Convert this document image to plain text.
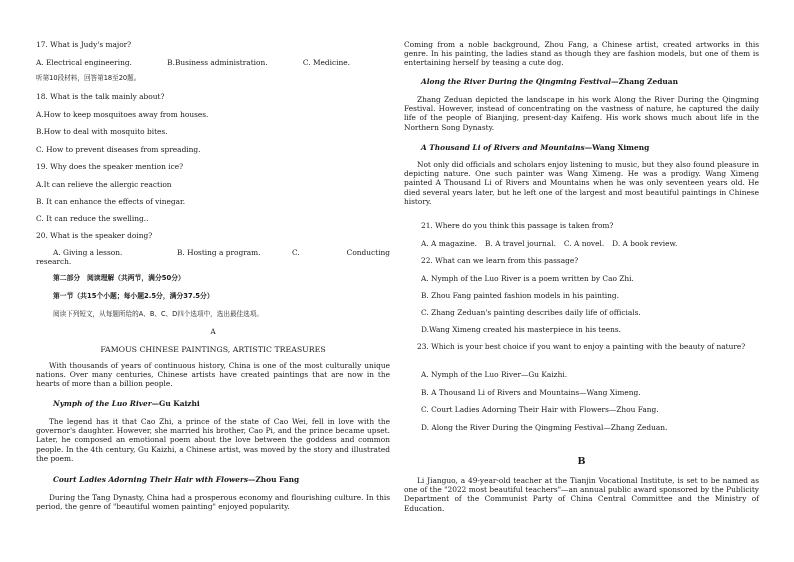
17. What is Judy's major?
A. Electrical engineering.	B.Business administration.	C. Medicine.
听第10段材料，回答第18至20题。
18. What is the talk mainly about?
A.How to keep mosquitoes away from houses.
B.How to deal with mosquito bites.
C. How to prevent diseases from spreading.
19. Why does the speaker mention ice?
A.It can relieve the allergic reaction
B. It can enhance the effects of vinegar.
C. It can reduce the swelling..
20. What is the speaker doing?
A. Giving a lesson.	B. Hosting a program.	C.	Conducting
research.
第二部分　阅读理解（共两节，满分50分）
第一节（共15个小题；每小题2.5分，满分37.5分）
阅读下列短文，从每题所给的A、B、C、D四个选项中，选出最佳选项。
A
FAMOUS CHINESE PAINTINGS, ARTISTIC TREASURES
With thousands of years of continuous history, China is one of the most culturally unique nations. Over many centuries, Chinese artists have created paintings that are now in the hearts of more than a billion people.
Nymph of the Luo River—Gu Kaizhi
The legend has it that Cao Zhi, a prince of the state of Cao Wei, fell in love with the governor's daughter. However, she married his brother, Cao Pi, and the prince became upset. Later, he composed an emotional poem about the love between the goddess and common people. In the 4th century, Gu Kaizhi, a Chinese artist, was moved by the story and illustrated the poem.
Court Ladies Adorning Their Hair with Flowers—Zhou Fang
During the Tang Dynasty, China had a prosperous economy and flourishing culture. In this period, the genre of "beautiful women painting" enjoyed popularity.
Coming from a noble background, Zhou Fang, a Chinese artist, created artworks in this genre. In his painting, the ladies stand as though they are fashion models, but one of them is entertaining herself by teasing a cute dog.
Along the River During the Qingming Festival—Zhang Zeduan
Zhang Zeduan depicted the landscape in his work Along the River During the Qingming Festival. However, instead of concentrating on the vastness of nature, he captured the daily life of the people of Bianjing, present-day Kaifeng. His work shows much about life in the Northern Song Dynasty.
A Thousand Li of Rivers and Mountains—Wang Ximeng
Not only did officials and scholars enjoy listening to music, but they also found pleasure in depicting nature. One such painter was Wang Ximeng. He was a prodigy. Wang Ximeng painted A Thousand Li of Rivers and Mountains when he was only seventeen years old. He died several years later, but he left one of the largest and most beautiful paintings in Chinese history.
21. Where do you think this passage is taken from?
A. A magazine. B. A travel journal. C. A novel. D. A book review.
22. What can we learn from this passage?
A. Nymph of the Luo River is a poem written by Cao Zhi.
B. Zhou Fang painted fashion models in his painting.
C. Zhang Zeduan's painting describes daily life of officials.
D.Wang Ximeng created his masterpiece in his teens.
23. Which is your best choice if you want to enjoy a painting with the beauty of nature?
A. Nymph of the Luo River—Gu Kaizhi.
B. A Thousand Li of Rivers and Mountains—Wang Ximeng.
C. Court Ladies Adorning Their Hair with Flowers—Zhou Fang.
D. Along the River During the Qingming Festival—Zhang Zeduan.
B
Li Jianguo, a 49-year-old teacher at the Tianjin Vocational Institute, is set to be named as one of the "2022 most beautiful teachers"—an annual public award sponsored by the Publicity Department of the Communist Party of China Central Committee and the Ministry of Education.
